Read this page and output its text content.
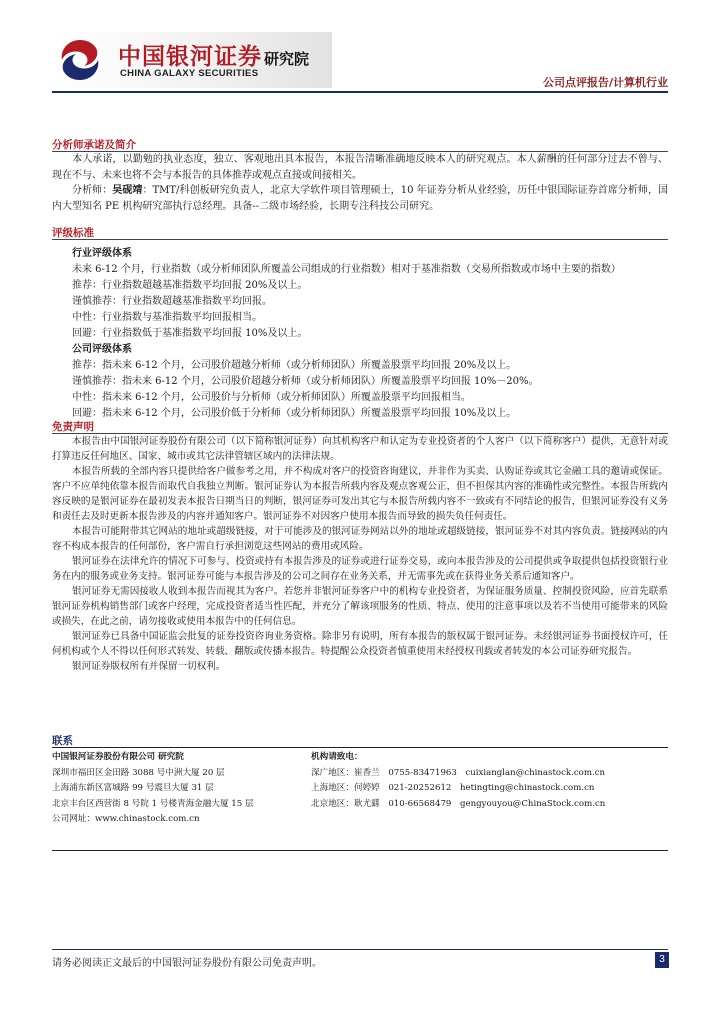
中国银河证券
CHINA GALAXY SECURITIES
研究院
公司点评报告/计算机行业
分析师承诺及简介

本人承诺，以勤勉的执业态度，独立、客观地出具本报告，本报告清晰准确地反映本人的研究观点。本人薪酬的任何部分过去不曾与、现在不与、未来也将不会与本报告的具体推荐或观点直接或间接相关。

分析师：吴砚靖：TMT/科创板研究负责人，北京大学软件项目管理硕士，10 年证券分析从业经验，历任中银国际证券首席分析师，国内大型知名 PE 机构研究部执行总经理。具备--二级市场经验，长期专注科技公司研究。

评级标准
行业评级体系
未来 6-12 个月，行业指数（或分析师团队所覆盖公司组成的行业指数）相对于基准指数（交易所指数或市场中主要的指数）
推荐：行业指数超越基准指数平均回报 20%及以上。
谨慎推荐：行业指数超越基准指数平均回报。
中性：行业指数与基准指数平均回报相当。
回避：行业指数低于基准指数平均回报 10%及以上。
公司评级体系
推荐：指未来 6-12 个月，公司股价超越分析师（或分析师团队）所覆盖股票平均回报 20%及以上。
谨慎推荐：指未来 6-12 个月，公司股价超越分析师（或分析师团队）所覆盖股票平均回报 10%－20%。
中性：指未来 6-12 个月，公司股价与分析师（或分析师团队）所覆盖股票平均回报相当。
回避：指未来 6-12 个月，公司股价低于分析师（或分析师团队）所覆盖股票平均回报 10%及以上。
免责声明
本报告由中国银河证券股份有限公司（以下简称银河证券）向其机构客户和认定为专业投资者的个人客户（以下简称客户）提供，无意针对或打算违反任何地区、国家、城市或其它法律管辖区域内的法律法规。
本报告所载的全部内容只提供给客户做参考之用，并不构成对客户的投资咨询建议，并非作为买卖、认购证券或其它金融工具的邀请或保证。客户不应单纯依靠本报告而取代自我独立判断。银河证券认为本报告所载内容及观点客观公正，但不担保其内容的准确性或完整性。本报告所载内容反映的是银河证券在最初发表本报告日期当日的判断，银河证券可发出其它与本报告所载内容不一致或有不同结论的报告，但银河证券没有义务和责任去及时更新本报告涉及的内容并通知客户。银河证券不对因客户使用本报告而导致的损失负任何责任。
本报告可能附带其它网站的地址或超级链接，对于可能涉及的银河证券网站以外的地址或超级链接，银河证券不对其内容负责。链接网站的内容不构成本报告的任何部份，客户需自行承担浏览这些网站的费用或风险。
银河证券在法律允许的情况下可参与、投资或持有本报告涉及的证券或进行证券交易，或向本报告涉及的公司提供或争取提供包括投资银行业务在内的服务或业务支持。银河证券可能与本报告涉及的公司之间存在业务关系，并无需事先或在获得业务关系后通知客户。
银河证券无需因接收人收到本报告而视其为客户。若您并非银河证券客户中的机构专业投资者，为保证服务质量、控制投资风险，应首先联系银河证券机构销售部门或客户经理，完成投资者适当性匹配，并充分了解该项服务的性质、特点、使用的注意事项以及若不当使用可能带来的风险或损失，在此之前，请勿接收或使用本报告中的任何信息。
银河证券已具备中国证监会批复的证券投资咨询业务资格。除非另有说明，所有本报告的版权属于银河证券。未经银河证券书面授权许可，任何机构或个人不得以任何形式转发、转载、翻版或传播本报告。特提醒公众投资者慎重使用未经授权刊载或者转发的本公司证券研究报告。
银河证券版权所有并保留一切权利。
联系
中国银河证券股份有限公司 研究院
深圳市福田区金田路 3088 号中洲大厦 20 层
上海浦东新区富城路 99 号震旦大厦 31 层
北京丰台区西营街 8 号院 1 号楼青海金融大厦 15 层
公司网址：www.chinastock.com.cn
机构请致电：
深广地区：崔香兰　0755-83471963　cuixianglan@chinastock.com.cn
上海地区：何婷婷　021-20252612　hetingting@chinastock.com.cn
北京地区：耿尤繇　010-66568479　gengyouyou@ChinaStock.com.cn
请务必阅读正文最后的中国银河证券股份有限公司免责声明。	3
